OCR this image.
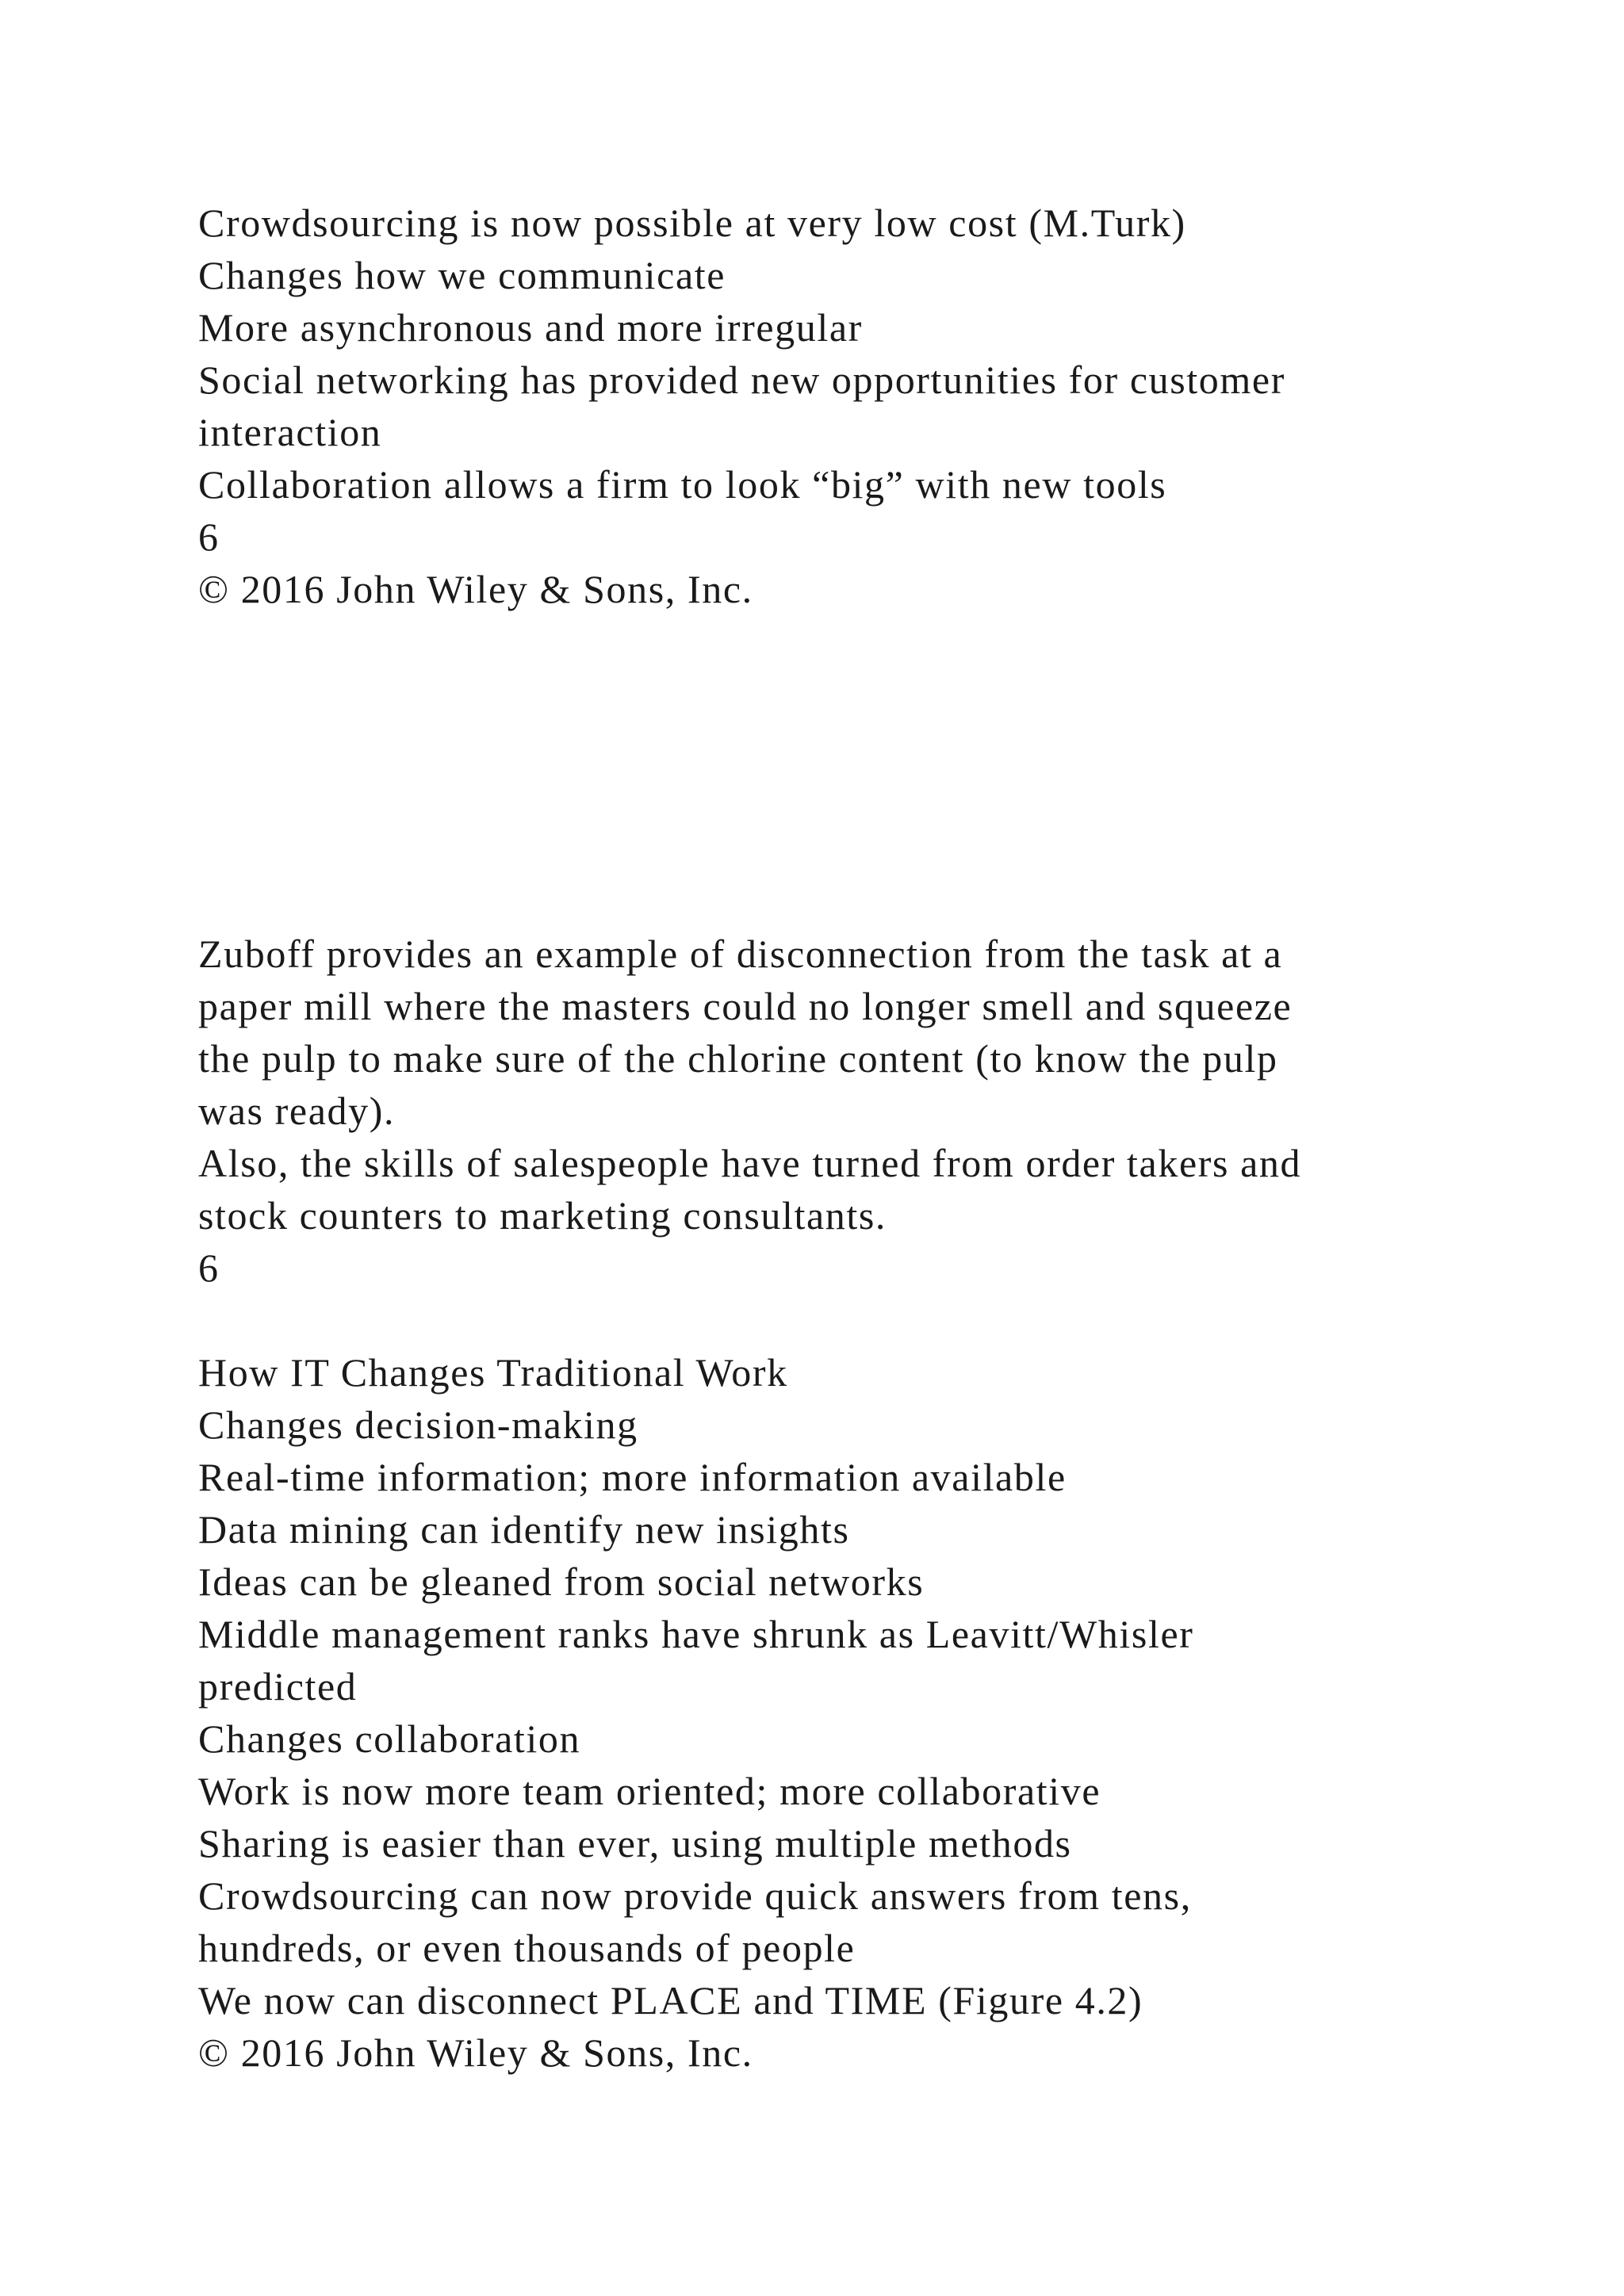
Crowdsourcing is now possible at very low cost (M.Turk)
Changes how we communicate
More asynchronous and more irregular
Social networking has provided new opportunities for customer
interaction
Collaboration allows a firm to look “big” with new tools
6
© 2016 John Wiley & Sons, Inc.
Zuboff provides an example of disconnection from the task at a
paper mill where the masters could no longer smell and squeeze
the pulp to make sure of the chlorine content (to know the pulp
was ready).
Also, the skills of salespeople have turned from order takers and
stock counters to marketing consultants.
6
How IT Changes Traditional Work
Changes decision-making
Real-time information; more information available
Data mining can identify new insights
Ideas can be gleaned from social networks
Middle management ranks have shrunk as Leavitt/Whisler
predicted
Changes collaboration
Work is now more team oriented; more collaborative
Sharing is easier than ever, using multiple methods
Crowdsourcing can now provide quick answers from tens,
hundreds, or even thousands of people
We now can disconnect PLACE and TIME (Figure 4.2)
© 2016 John Wiley & Sons, Inc.
